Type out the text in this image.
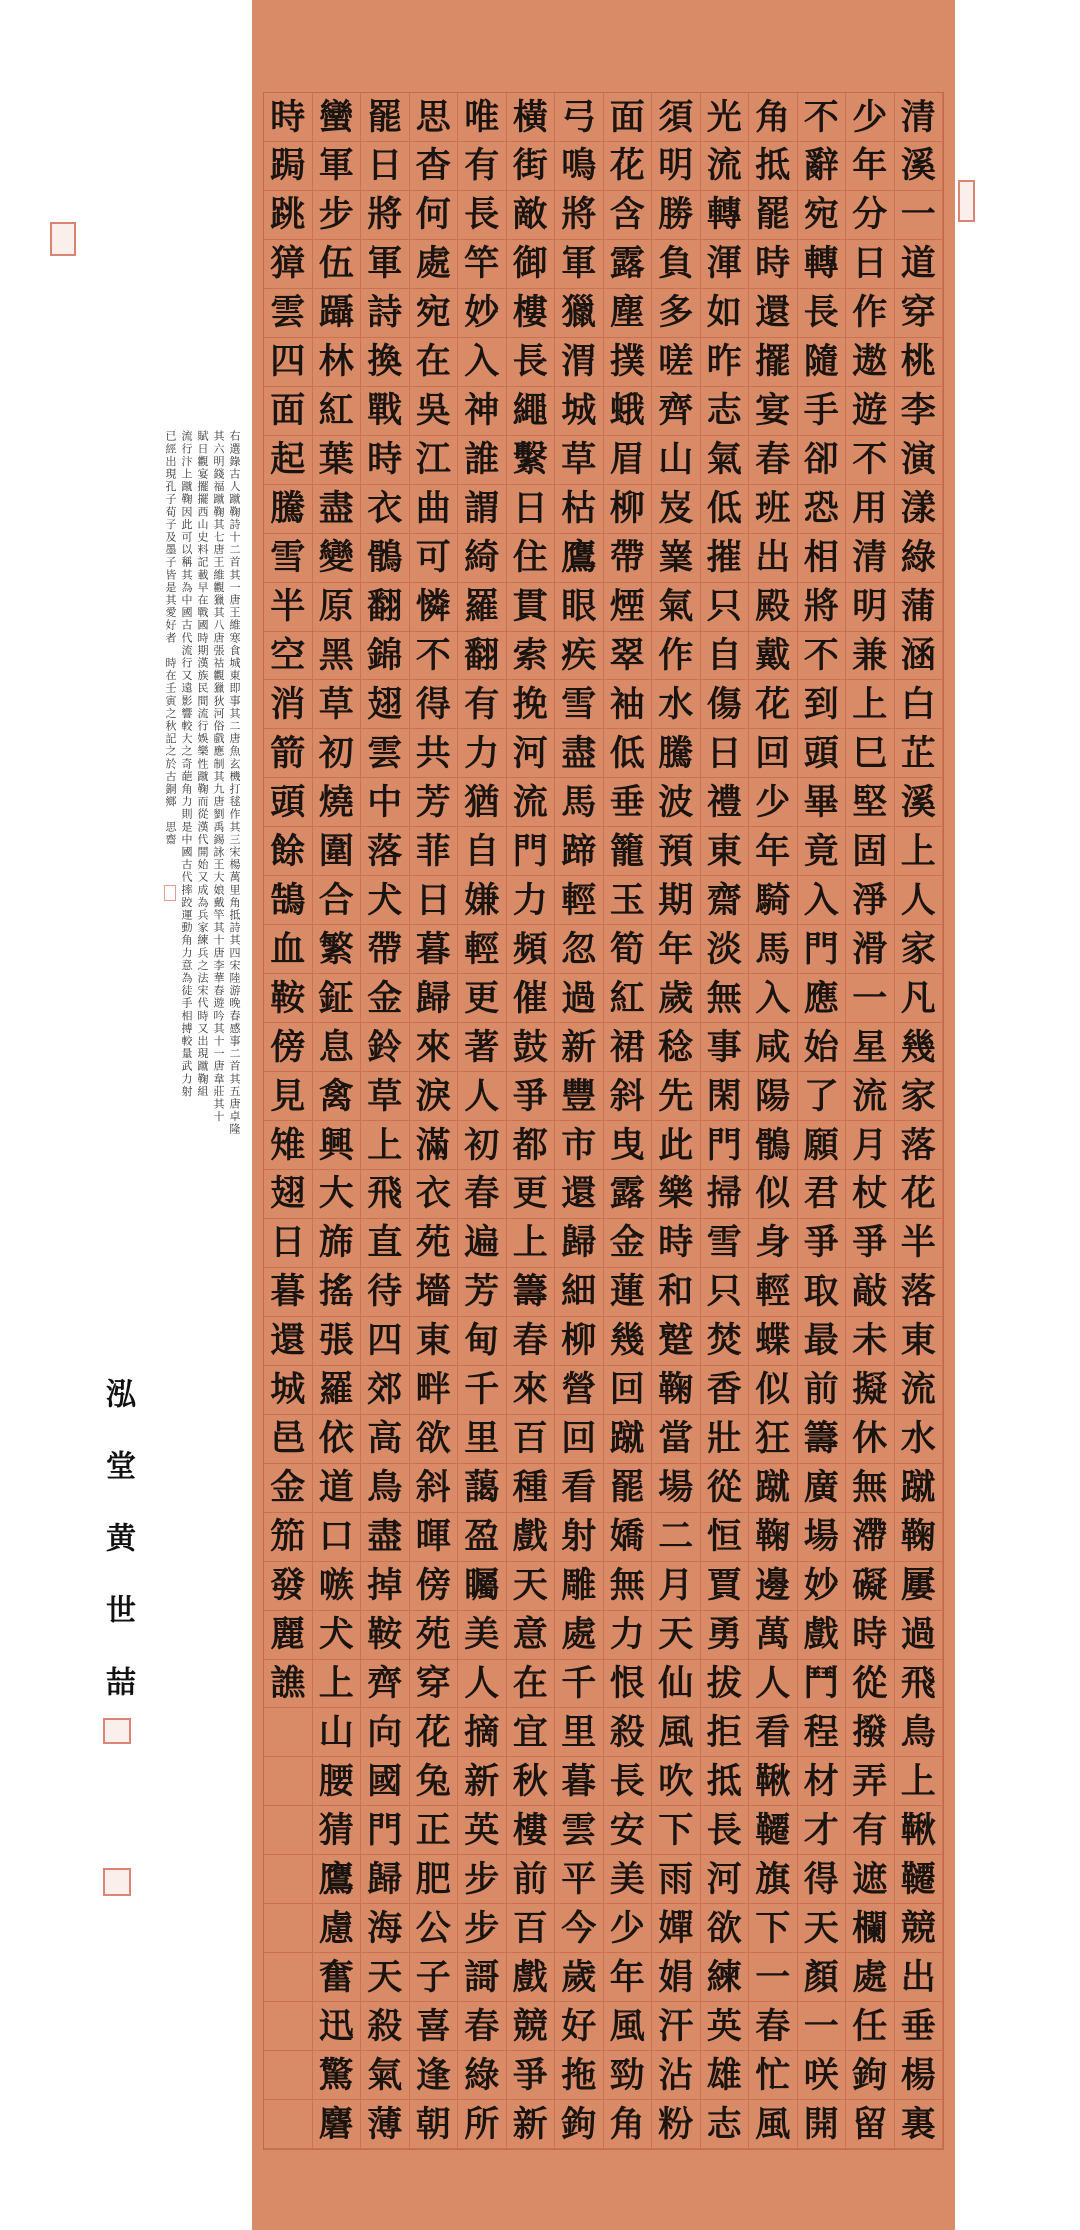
清
溪
一
道
穿
桃
李
演
漾
綠
蒲
涵
白
芷
溪
上
人
家
凡
幾
家
落
花
半
落
東
流
水
蹴
鞠
屢
過
飛
鳥
上
鞦
韆
競
出
垂
楊
裏
少
年
分
日
作
遨
遊
不
用
清
明
兼
上
巳
堅
固
淨
滑
一
星
流
月
杖
爭
敲
未
擬
休
無
滯
礙
時
從
撥
弄
有
遮
欄
處
任
鉤
留
不
辭
宛
轉
長
隨
手
卻
恐
相
將
不
到
頭
畢
竟
入
門
應
始
了
願
君
爭
取
最
前
籌
廣
場
妙
戲
鬥
程
材
才
得
天
顏
一
咲
開
角
抵
罷
時
還
擺
宴
春
班
出
殿
戴
花
回
少
年
騎
馬
入
咸
陽
鶻
似
身
輕
蝶
似
狂
蹴
鞠
邊
萬
人
看
鞦
韆
旗
下
一
春
忙
風
光
流
轉
渾
如
昨
志
氣
低
摧
只
自
傷
日
禮
東
齋
淡
無
事
閑
門
掃
雪
只
焚
香
壯
從
恒
賈
勇
拔
拒
抵
長
河
欲
練
英
雄
志
須
明
勝
負
多
嗟
齊
山
岌
嶪
氣
作
水
騰
波
預
期
年
歲
稔
先
此
樂
時
和
蹵
鞠
當
場
二
月
天
仙
風
吹
下
雨
嬋
娟
汗
沾
粉
面
花
含
露
塵
撲
蛾
眉
柳
帶
煙
翠
袖
低
垂
籠
玉
筍
紅
裙
斜
曳
露
金
蓮
幾
回
蹴
罷
嬌
無
力
恨
殺
長
安
美
少
年
風
勁
角
弓
鳴
將
軍
獵
渭
城
草
枯
鷹
眼
疾
雪
盡
馬
蹄
輕
忽
過
新
豐
市
還
歸
細
柳
營
回
看
射
雕
處
千
里
暮
雲
平
今
歲
好
拖
鉤
橫
街
敵
御
樓
長
繩
繫
日
住
貫
索
挽
河
流
門
力
頻
催
鼓
爭
都
更
上
籌
春
來
百
種
戲
天
意
在
宜
秋
樓
前
百
戲
競
爭
新
唯
有
長
竿
妙
入
神
誰
謂
綺
羅
翻
有
力
猶
自
嫌
輕
更
著
人
初
春
遍
芳
甸
千
里
藹
盈
矚
美
人
摘
新
英
步
步
謌
春
綠
所
思
杳
何
處
宛
在
吳
江
曲
可
憐
不
得
共
芳
菲
日
暮
歸
來
淚
滿
衣
苑
墻
東
畔
欲
斜
暉
傍
苑
穿
花
兔
正
肥
公
子
喜
逢
朝
罷
日
將
軍
詩
換
戰
時
衣
鶻
翻
錦
翅
雲
中
落
犬
帶
金
鈴
草
上
飛
直
待
四
郊
高
鳥
盡
掉
鞍
齊
向
國
門
歸
海
天
殺
氣
薄
蠻
軍
步
伍
躡
林
紅
葉
盡
變
原
黑
草
初
燒
圍
合
繁
鉦
息
禽
興
大
旆
搖
張
羅
依
道
口
嗾
犬
上
山
腰
猜
鷹
慮
奮
迅
驚
麏
時
跼
跳
獐
雲
四
面
起
騰
雪
半
空
消
箭
頭
餘
鵠
血
鞍
傍
見
雉
翅
日
暮
還
城
邑
金
笳
發
麗
譙
右選錄古人蹴鞠詩十二首其一唐王維寒食城東即事其二唐魚玄機打毬作其三宋楊萬里角抵詩其四宋陸游晚春感事二首其五唐卓隆
其六明錢福蹴鞠其七唐王維觀獵其八唐張祜觀獵狄河俗戲應制其九唐劉禹錫詠王大娘戴竿其十唐李華春遊吟其十一唐韋莊其十
賦日觀宴擺擺西山史料記載早在戰國時期漢族民間流行娛樂性蹴鞠而從漢代開始又成為兵家練兵之法宋代時又出現蹴鞠組
流行汴上蹴鞠因此可以稱其為中國古代流行又遠影響較大之奇葩角力則是中國古代摔跤運動角力意為徒手相搏較量武力射
已經出現孔子荀子及墨子皆是其愛好者　時在壬寅之秋記之於古銅鄉　思齋
泓堂黄世喆
